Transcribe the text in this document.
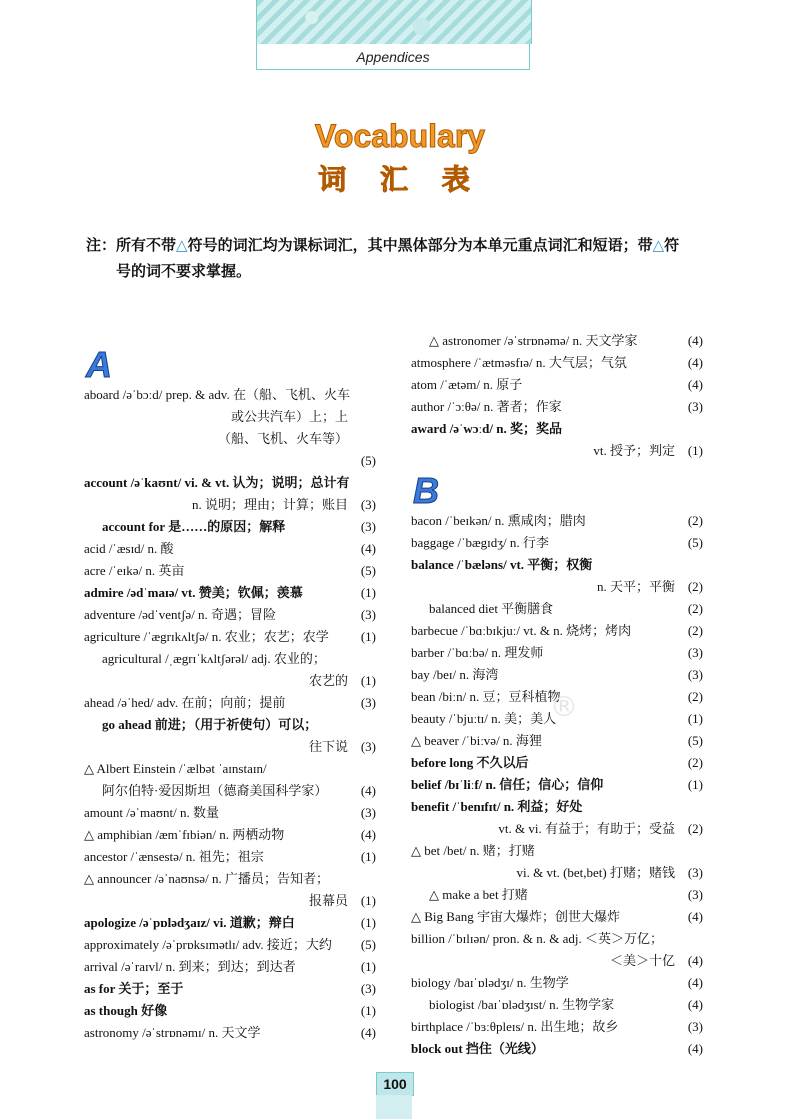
Appendices
Vocabulary
词 汇 表
注：所有不带△符号的词汇均为课标词汇，其中黑体部分为本单元重点词汇和短语；带△符
号的词不要求掌握。
A
aboard /əˈbɔːd/ prep. & adv. 在（船、飞机、火车
或公共汽车）上；上
（船、飞机、火车等）
(5)
account /əˈkaʊnt/ vi. & vt. 认为；说明；总计有
n. 说明；理由；计算；账目 (3)
account for 是……的原因；解释	(3)
acid /ˈæsɪd/ n. 酸	(4)
acre /ˈeɪkə/ n. 英亩	(5)
admire /ədˈmaɪə/ vt. 赞美；钦佩；羡慕	(1)
adventure /ədˈventʃə/ n. 奇遇；冒险	(3)
agriculture /ˈægrɪkʌltʃə/ n. 农业；农艺；农学 (1)
agricultural /ˌægrɪˈkʌltʃərəl/ adj. 农业的；
农艺的 (1)
ahead /əˈhed/ adv. 在前；向前；提前	(3)
go ahead 前进；（用于祈使句）可以；
往下说 (3)
△ Albert Einstein /ˈælbət ˈaɪnstaɪn/
阿尔伯特·爱因斯坦（德裔美国科学家）	(4)
amount /əˈmaʊnt/ n. 数量	(3)
△ amphibian /æmˈfɪbiən/ n. 两栖动物	(4)
ancestor /ˈænsestə/ n. 祖先；祖宗	(1)
△ announcer /əˈnaʊnsə/ n. 广播员；告知者；
报幕员 (1)
apologize /əˈpɒlədʒaɪz/ vi. 道歉；辩白	(1)
approximately /əˈprɒksɪmətlɪ/ adv. 接近；大约 (5)
arrival /əˈraɪvl/ n. 到来；到达；到达者	(1)
as for 关于；至于	(3)
as though 好像	(1)
astronomy /əˈstrɒnəmɪ/ n. 天文学	(4)
△ astronomer /əˈstrɒnəmə/ n. 天文学家	(4)
atmosphere /ˈætməsfɪə/ n. 大气层；气氛	(4)
atom /ˈætəm/ n. 原子	(4)
author /ˈɔːθə/ n. 著者；作家	(3)
award /əˈwɔːd/ n. 奖；奖品
vt. 授予；判定 (1)
B
bacon /ˈbeɪkən/ n. 熏咸肉；腊肉	(2)
baggage /ˈbægɪdʒ/ n. 行李	(5)
balance /ˈbæləns/ vt. 平衡；权衡
n. 天平；平衡 (2)
balanced diet 平衡膳食	(2)
barbecue /ˈbɑːbɪkjuː/ vt. & n. 烧烤；烤肉	(2)
barber /ˈbɑːbə/ n. 理发师	(3)
bay /beɪ/ n. 海湾	(3)
bean /biːn/ n. 豆；豆科植物	(2)
beauty /ˈbjuːtɪ/ n. 美；美人	(1)
△ beaver /ˈbiːvə/ n. 海狸	(5)
before long 不久以后	(2)
belief /bɪˈliːf/ n. 信任；信心；信仰	(1)
benefit /ˈbenɪfɪt/ n. 利益；好处
vt. & vi. 有益于；有助于；受益 (2)
△ bet /bet/ n. 赌；打赌
vi. & vt. (bet,bet) 打赌；赌钱 (3)
△ make a bet 打赌	(3)
△ Big Bang 宇宙大爆炸；创世大爆炸	(4)
billion /ˈbɪlɪən/ pron. & n. & adj. ＜英＞万亿；
＜美＞十亿 (4)
biology /baɪˈɒlədʒɪ/ n. 生物学	(4)
biologist /baɪˈɒlədʒɪst/ n. 生物学家	(4)
birthplace /ˈbɜːθpleɪs/ n. 出生地；故乡	(3)
block out 挡住（光线）	(4)
®
100
